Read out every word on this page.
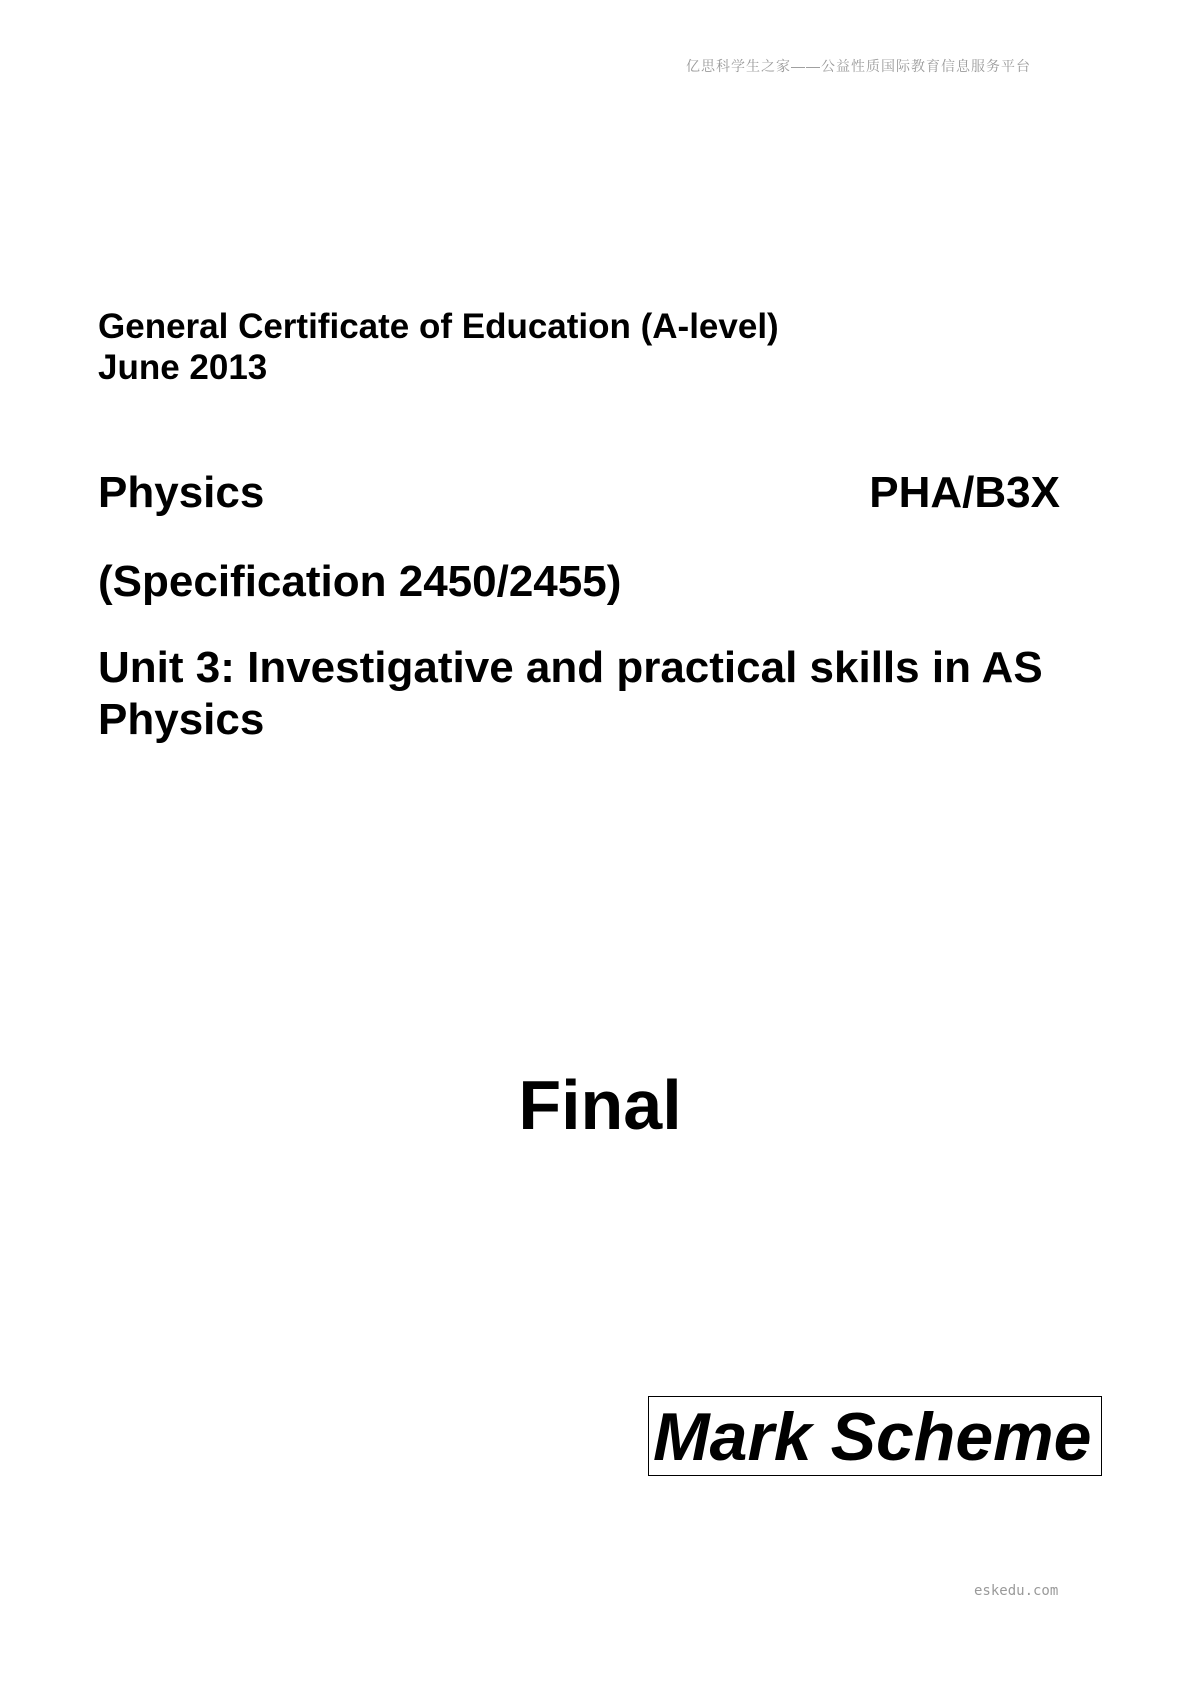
亿思科学生之家——公益性质国际教育信息服务平台
General Certificate of Education (A-level)
June 2013
Physics	PHA/B3X
(Specification 2450/2455)
Unit 3: Investigative and practical skills in AS Physics
Final
Mark Scheme
eskedu.com
